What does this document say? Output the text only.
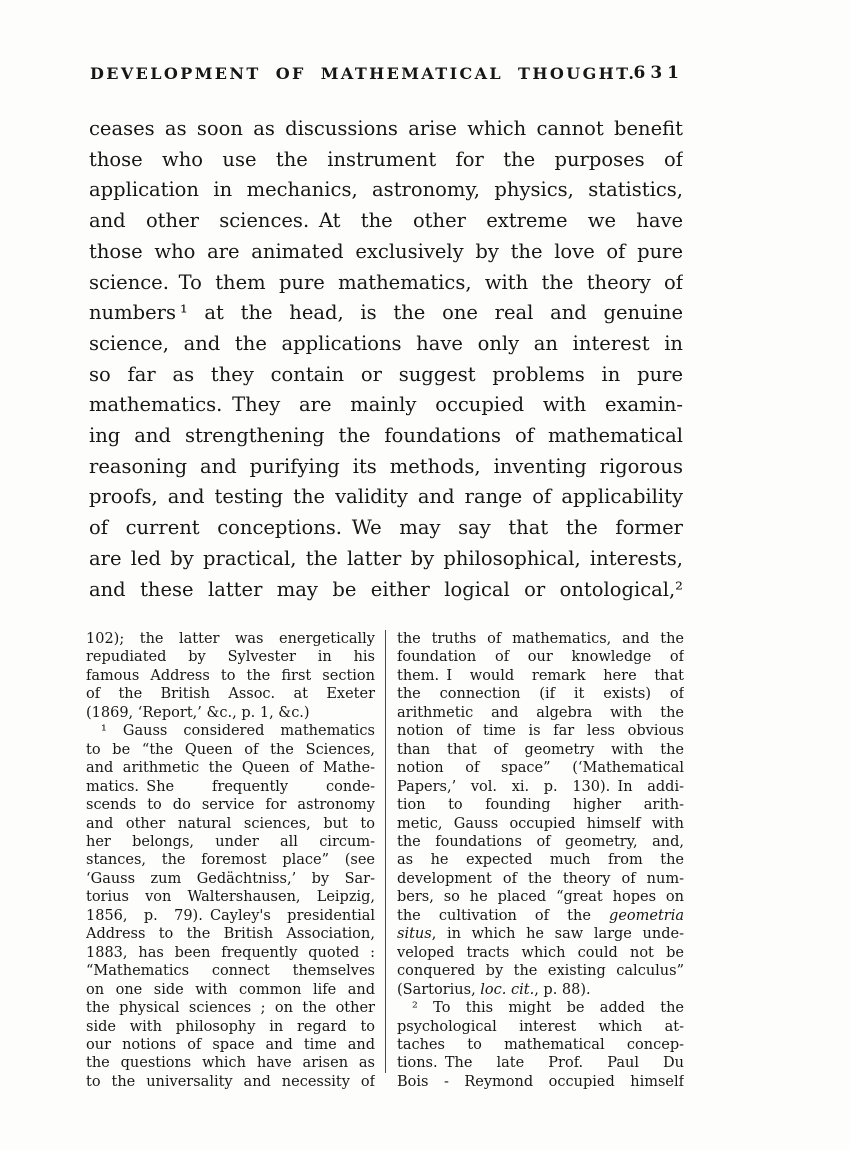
DEVELOPMENT OF MATHEMATICAL THOUGHT.
631
ceases as soon as discussions arise which cannot benefit
those who use the instrument for the purposes of
application in mechanics, astronomy, physics, statistics,
and other sciences. At the other extreme we have
those who are animated exclusively by the love of pure
science. To them pure mathematics, with the theory of
numbers ¹ at the head, is the one real and genuine
science, and the applications have only an interest in
so far as they contain or suggest problems in pure
mathematics. They are mainly occupied with examin-
ing and strengthening the foundations of mathematical
reasoning and purifying its methods, inventing rigorous
proofs, and testing the validity and range of applicability
of current conceptions. We may say that the former
are led by practical, the latter by philosophical, interests,
and these latter may be either logical or ontological,²
102); the latter was energetically
repudiated by Sylvester in his
famous Address to the first section
of the British Assoc. at Exeter
(1869, ‘Report,’ &c., p. 1, &c.)
¹ Gauss considered mathematics
to be “the Queen of the Sciences,
and arithmetic the Queen of Mathe-
matics. She frequently conde-
scends to do service for astronomy
and other natural sciences, but to
her belongs, under all circum-
stances, the foremost place” (see
‘Gauss zum Gedächtniss,’ by Sar-
torius von Waltershausen, Leipzig,
1856, p. 79). Cayley's presidential
Address to the British Association,
1883, has been frequently quoted :
“Mathematics connect themselves
on one side with common life and
the physical sciences ; on the other
side with philosophy in regard to
our notions of space and time and
the questions which have arisen as
to the universality and necessity of
the truths of mathematics, and the
foundation of our knowledge of
them. I would remark here that
the connection (if it exists) of
arithmetic and algebra with the
notion of time is far less obvious
than that of geometry with the
notion of space” (‘Mathematical
Papers,’ vol. xi. p. 130). In addi-
tion to founding higher arith-
metic, Gauss occupied himself with
the foundations of geometry, and,
as he expected much from the
development of the theory of num-
bers, so he placed “great hopes on
the cultivation of the geometria
situs, in which he saw large unde-
veloped tracts which could not be
conquered by the existing calculus”
(Sartorius, loc. cit., p. 88).
² To this might be added the
psychological interest which at-
taches to mathematical concep-
tions. The late Prof. Paul Du
Bois - Reymond occupied himself
